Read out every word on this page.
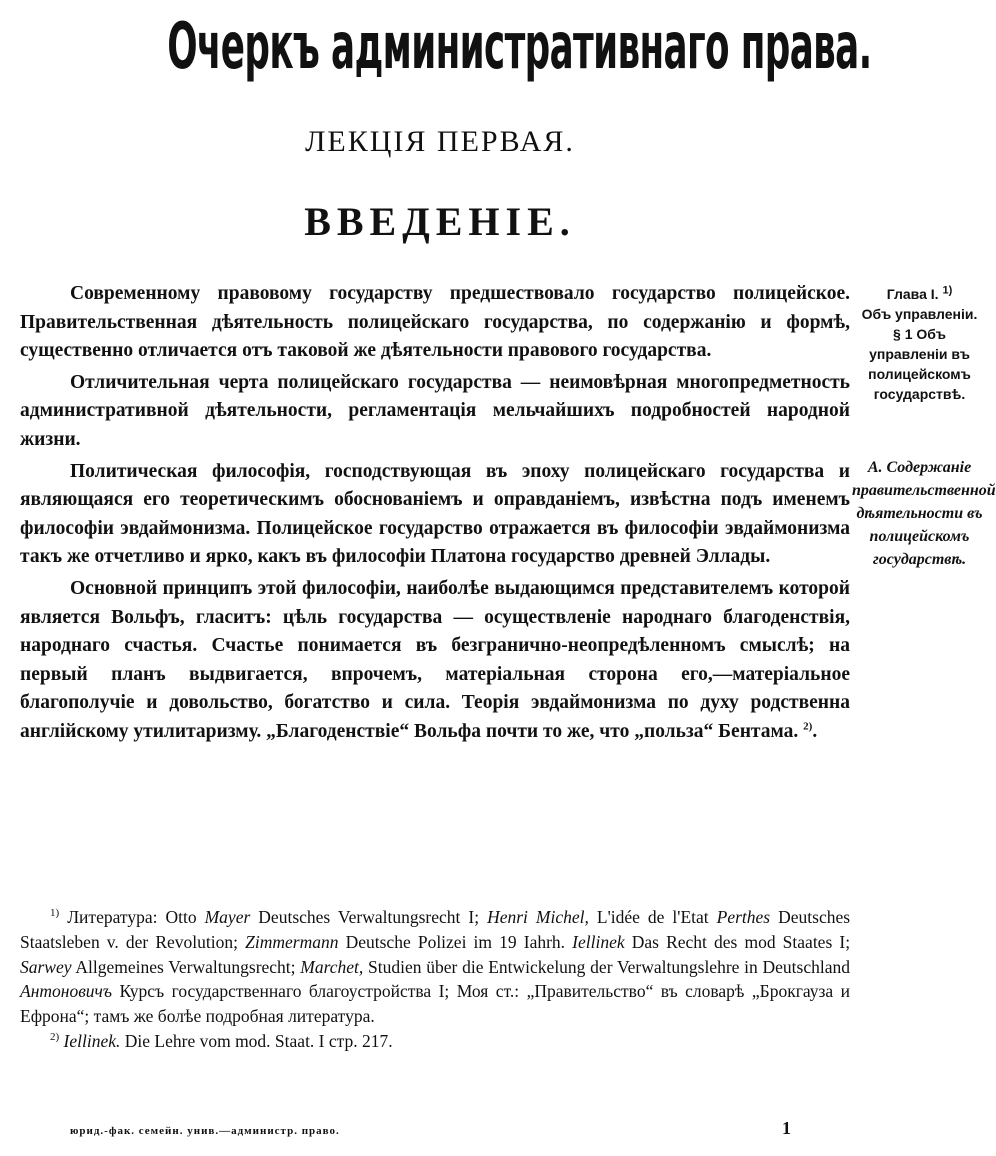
Очеркъ административнаго права.
ЛЕКЦІЯ ПЕРВАЯ.
ВВЕДЕНІЕ.

Современному правовому государству предшествовало государство полицейское. Правительственная дѣятельность полицейскаго государства, по содержанію и формѣ, существенно отличается отъ таковой же дѣятельности правового государства.

Отличительная черта полицейскаго государства — неимовѣрная многопредметность административной дѣятельности, регламентація мельчайшихъ подробностей народной жизни.

Политическая философія, господствующая въ эпоху полицейскаго государства и являющаяся его теоретическимъ обоснованіемъ и оправданіемъ, извѣстна подъ именемъ философіи эвдаймонизма. Полицейское государство отражается въ философіи эвдаймонизма такъ же отчетливо и ярко, какъ въ философіи Платона государство древней Эллады.

Основной принципъ этой философіи, наиболѣе выдающимся представителемъ которой является Вольфъ, гласитъ: цѣль государства — осуществленіе народнаго благоденствія, народнаго счастья. Счастье понимается въ безгранично-неопредѣленномъ смыслѣ; на первый планъ выдвигается, впрочемъ, матеріальная сторона его,—матеріальное благополучіе и довольство, богатство и сила. Теорія эвдаймонизма по духу родственна англійскому утилитаризму. „Благоденствіе“ Вольфа почти то же, что „польза“ Бентама. $^{2)}$.

Глава I. $^{1)}$
Объ управленіи.
§ 1 Объ управленіи въ полицейскомъ государствѣ.
А. Содержаніе правительственной дѣятельности въ полицейскомъ государствѣ.

$^{1)}$ Литература: Otto Mayer Deutsches Verwaltungsrecht I; Henri Michel, L'idée de l'Etat Perthes Deutsches Staatsleben v. der Revolution; Zimmermann Deutsche Polizei im 19 Iahrh. Iellinek Das Recht des mod Staates I; Sarwey Allgemeines Verwaltungsrecht; Marchet, Studien über die Entwickelung der Verwaltungslehre in Deutschland Антоновичъ Курсъ государственнаго благоустройства I; Моя ст.: „Правительство“ въ словарѣ „Брокгауза и Ефрона“; тамъ же болѣе подробная литература.

$^{2)}$ Iellinek. Die Lehre vom mod. Staat. I стр. 217.

юрид.-фак. семейн. унив.—администр. право.	1
